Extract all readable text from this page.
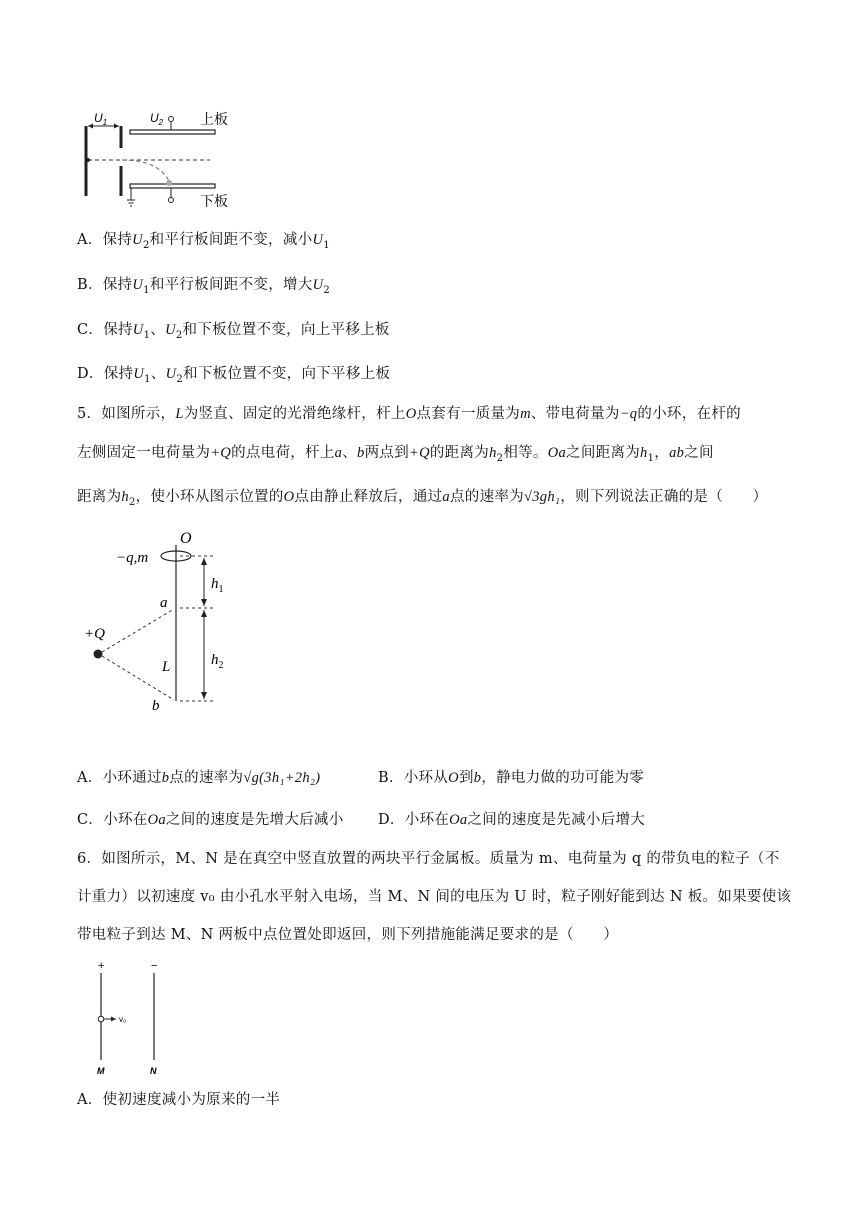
$U_1$	$U_2$	上板
下板
A．保持$U_2$和平行板间距不变，减小$U_1$
B．保持$U_1$和平行板间距不变，增大$U_2$
C．保持$U_1$、$U_2$和下板位置不变，向上平移上板
D．保持$U_1$、$U_2$和下板位置不变，向下平移上板
5．如图所示，L为竖直、固定的光滑绝缘杆，杆上O点套有一质量为m、带电荷量为−q的小环，在杆的
左侧固定一电荷量为+Q的点电荷，杆上a、b两点到+Q的距离为$h_2$相等。Oa之间距离为$h_1$，ab之间
距离为$h_2$，使小环从图示位置的O点由静止释放后，通过a点的速率为√3gh₁，则下列说法正确的是（　　）
O
−q,m
$h_1$
$h_2$
a
b
L
+Q
A．小环通过b点的速率为√g(3h₁+2h₂)	B．小环从O到b，静电力做的功可能为零
C．小环在Oa之间的速度是先增大后减小 D．小环在Oa之间的速度是先减小后增大
6．如图所示，M、N 是在真空中竖直放置的两块平行金属板。质量为 m、电荷量为 q 的带负电的粒子（不
计重力）以初速度 v₀ 由小孔水平射入电场，当 M、N 间的电压为 U 时，粒子刚好能到达 N 板。如果要使该
带电粒子到达 M、N 两板中点位置处即返回，则下列措施能满足要求的是（　　）
+	−
v₀
M	N
A．使初速度减小为原来的一半
